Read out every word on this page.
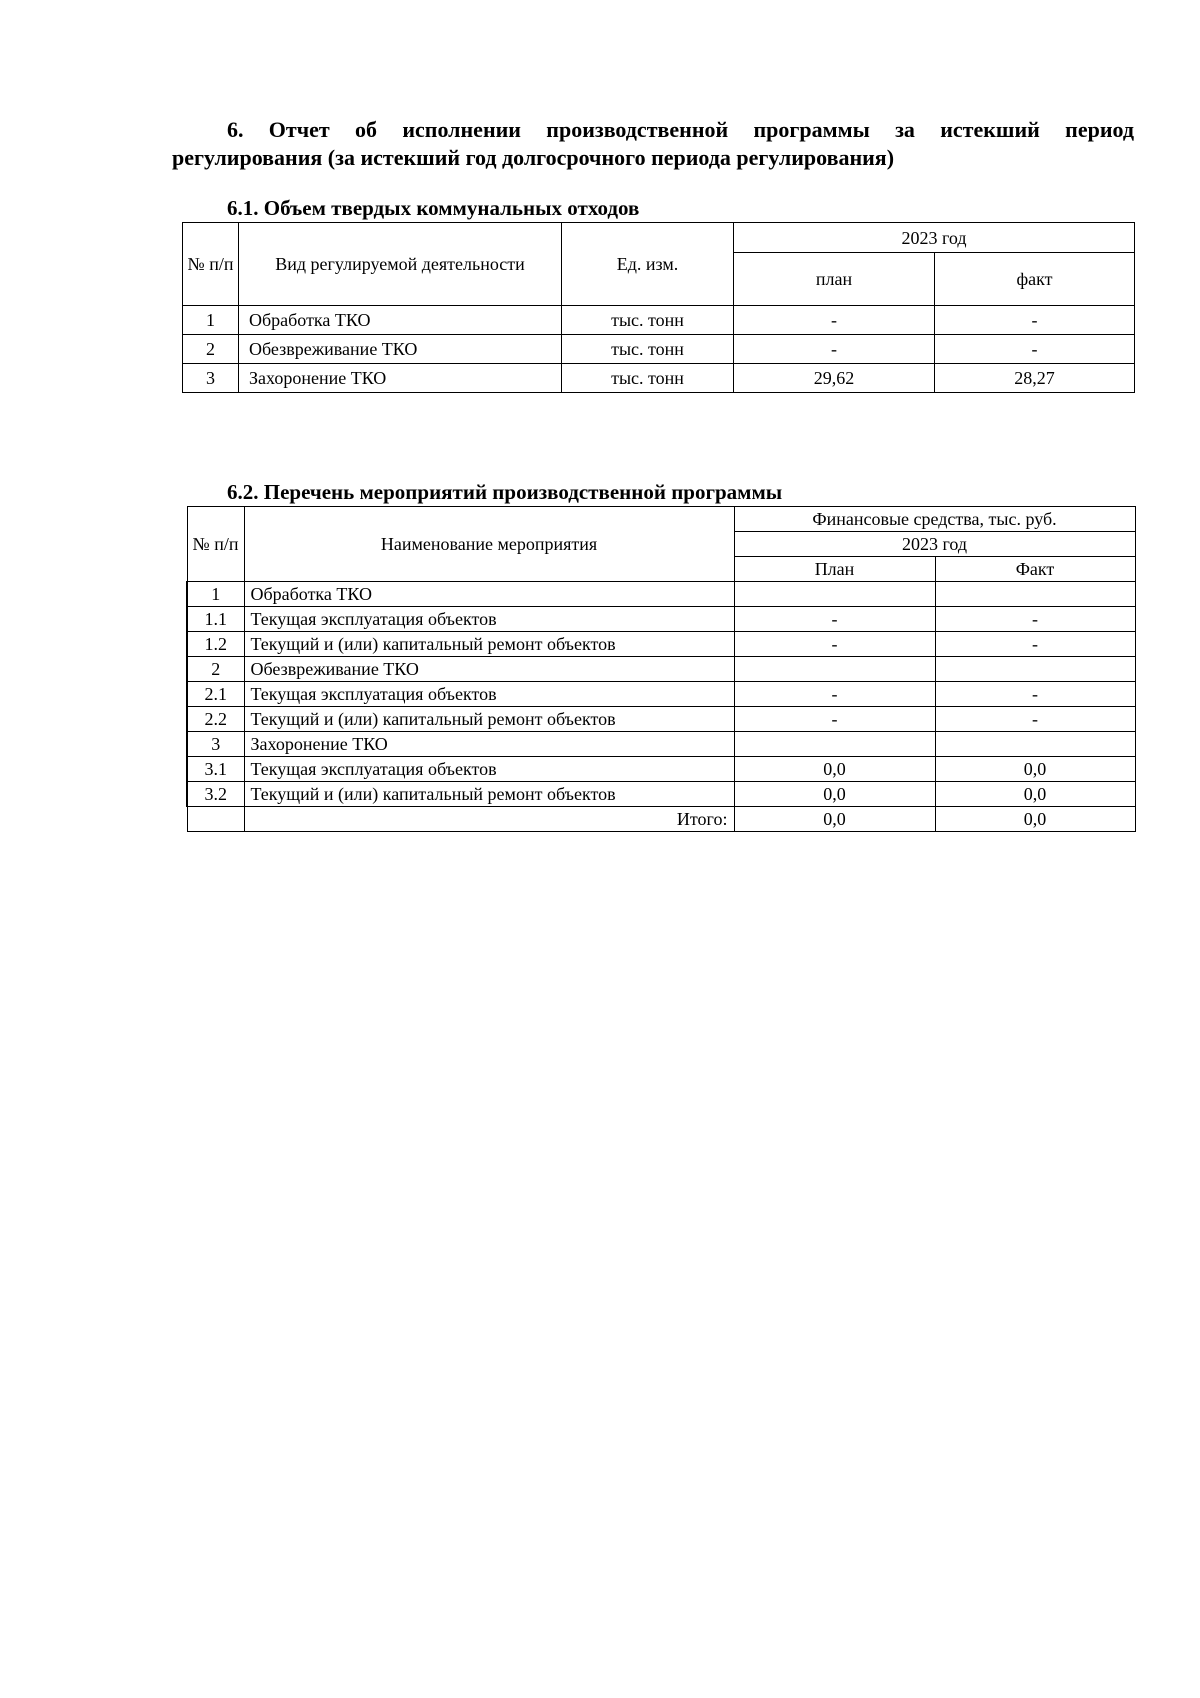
6. Отчет об исполнении производственной программы за истекший период
регулирования (за истекший год долгосрочного периода регулирования)
6.1. Объем твердых коммунальных отходов
№ п/п	Вид регулируемой деятельности	Ед. изм.	2023 год	
			план	факт
1	Обработка ТКО	тыс. тонн	-	-
2	Обезвреживание ТКО	тыс. тонн	-	-
3	Захоронение ТКО	тыс. тонн	29,62	28,27
6.2. Перечень мероприятий производственной программы
№ п/п	Наименование мероприятия	Финансовые средства, тыс. руб.	
		2023 год	
		План	Факт
1	Обработка ТКО		
1.1	Текущая эксплуатация объектов	-	-
1.2	Текущий и (или) капитальный ремонт объектов	-	-
2	Обезвреживание ТКО		
2.1	Текущая эксплуатация объектов	-	-
2.2	Текущий и (или) капитальный ремонт объектов	-	-
3	Захоронение ТКО		
3.1	Текущая эксплуатация объектов	0,0	0,0
3.2	Текущий и (или) капитальный ремонт объектов	0,0	0,0
	Итого:	0,0	0,0
